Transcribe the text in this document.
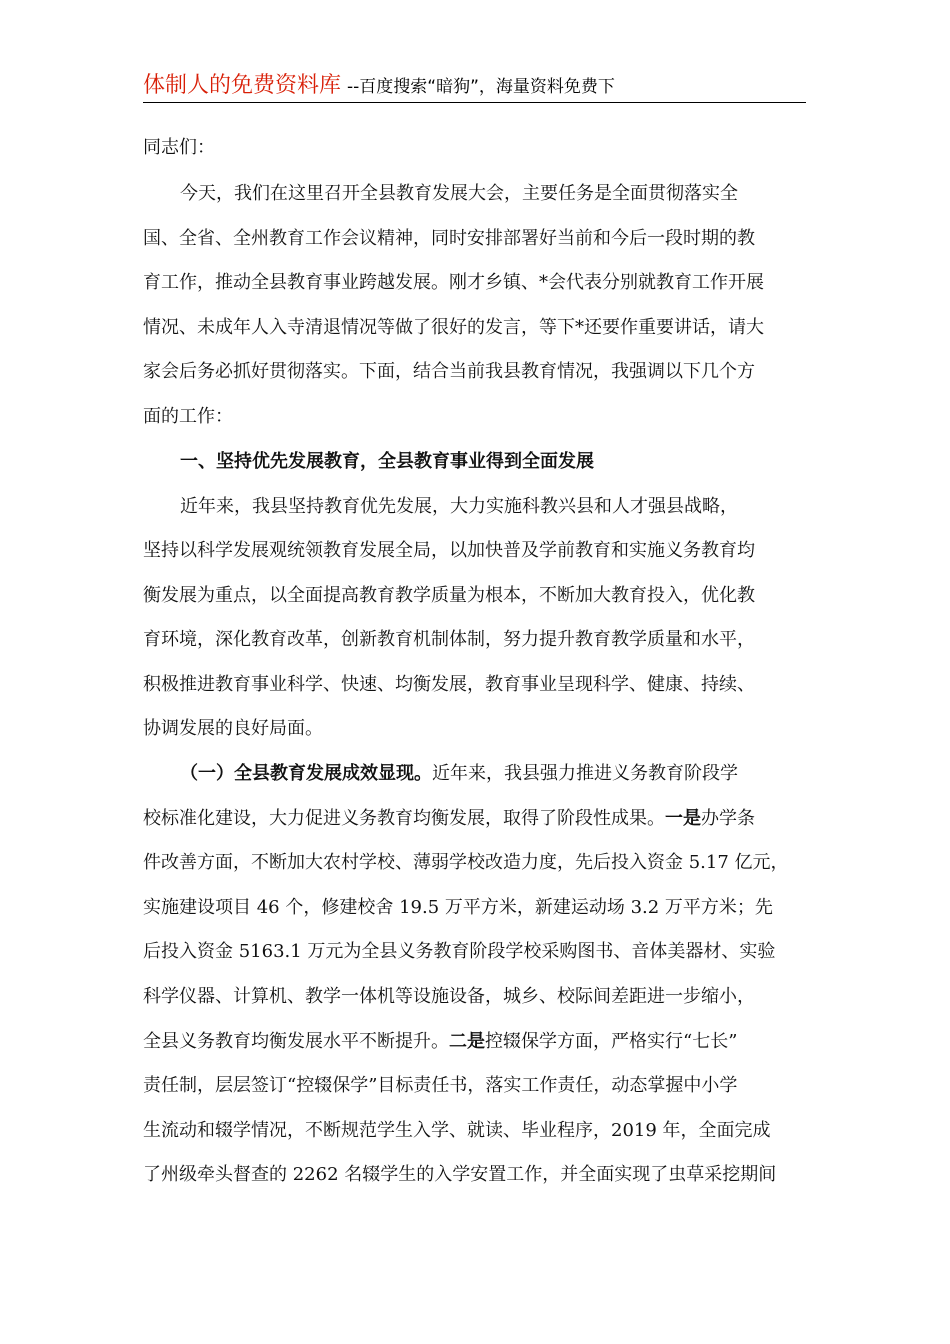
体制人的免费资料库 --百度搜索“暗狗”，海量资料免费下
同志们：
今天，我们在这里召开全县教育发展大会，主要任务是全面贯彻落实全
国、全省、全州教育工作会议精神，同时安排部署好当前和今后一段时期的教
育工作，推动全县教育事业跨越发展。刚才乡镇、*会代表分别就教育工作开展
情况、未成年人入寺清退情况等做了很好的发言，等下*还要作重要讲话，请大
家会后务必抓好贯彻落实。下面，结合当前我县教育情况，我强调以下几个方
面的工作：
一、坚持优先发展教育，全县教育事业得到全面发展
近年来，我县坚持教育优先发展，大力实施科教兴县和人才强县战略，
坚持以科学发展观统领教育发展全局，以加快普及学前教育和实施义务教育均
衡发展为重点，以全面提高教育教学质量为根本，不断加大教育投入，优化教
育环境，深化教育改革，创新教育机制体制，努力提升教育教学质量和水平，
积极推进教育事业科学、快速、均衡发展，教育事业呈现科学、健康、持续、
协调发展的良好局面。
（一）全县教育发展成效显现。近年来，我县强力推进义务教育阶段学
校标准化建设，大力促进义务教育均衡发展，取得了阶段性成果。一是办学条
件改善方面，不断加大农村学校、薄弱学校改造力度，先后投入资金 5.17 亿元，
实施建设项目 46 个，修建校舍 19.5 万平方米，新建运动场 3.2 万平方米；先
后投入资金 5163.1 万元为全县义务教育阶段学校采购图书、音体美器材、实验
科学仪器、计算机、教学一体机等设施设备，城乡、校际间差距进一步缩小，
全县义务教育均衡发展水平不断提升。二是控辍保学方面，严格实行“七长”
责任制，层层签订“控辍保学”目标责任书，落实工作责任，动态掌握中小学
生流动和辍学情况，不断规范学生入学、就读、毕业程序，2019 年，全面完成
了州级牵头督查的 2262 名辍学生的入学安置工作，并全面实现了虫草采挖期间
